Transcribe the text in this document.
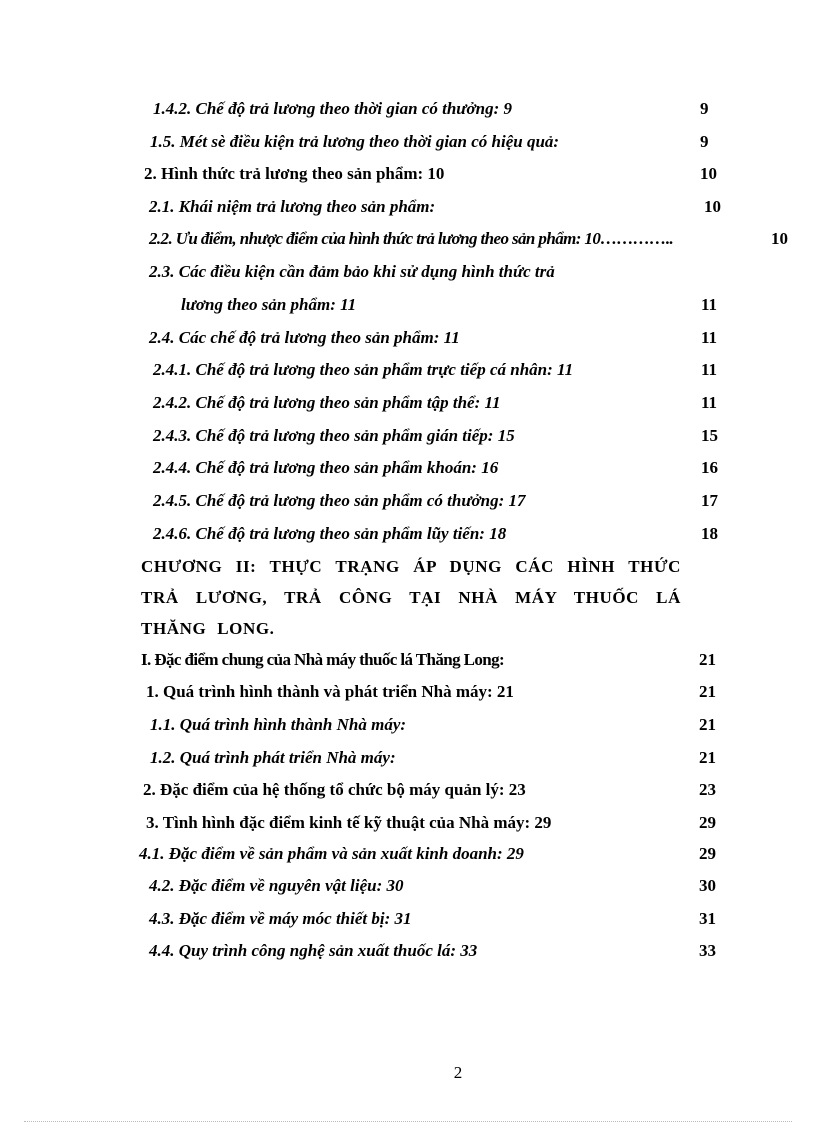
1.4.2. Chế độ trả lương theo thời gian có thưởng: 9	9
1.5. Mét sè điều kiện trả lương theo thời gian có hiệu quả:	9
2. Hình thức trả lương theo sản phẩm: 10	10
2.1. Khái niệm trả lương theo sản phẩm:	10
2.2. Ưu điểm, nhược điểm của hình thức trả lương theo sản phẩm: 10…………..	10
2.3. Các điều kiện cần đảm bảo khi sử dụng hình thức trả
lương theo sản phẩm: 11	11
2.4. Các chế độ trả lương theo sản phẩm: 11	11
2.4.1. Chế độ trả lương theo sản phẩm trực tiếp cá nhân: 11	11
2.4.2. Chế độ trả lương theo sản phẩm tập thể: 11	11
2.4.3. Chế độ trả lương theo sản phẩm gián tiếp: 15	15
2.4.4. Chế độ trả lương theo sản phẩm khoán: 16	16
2.4.5. Chế độ trả lương theo sản phẩm có thưởng: 17	17
2.4.6. Chế độ trả lương theo sản phẩm lũy tiến: 18	18
CHƯƠNG II: THỰC TRẠNG ÁP DỤNG CÁC HÌNH THỨC TRẢ LƯƠNG, TRẢ CÔNG TẠI NHÀ MÁY THUỐC LÁ THĂNG LONG.
I. Đặc điểm chung của Nhà máy thuốc lá Thăng Long:	21
1. Quá trình hình thành và phát triển Nhà máy: 21	21
1.1. Quá trình hình thành Nhà máy:	21
1.2. Quá trình phát triển Nhà máy:	21
2. Đặc điểm của hệ thống tổ chức bộ máy quản lý: 23	23
3. Tình hình đặc điểm kinh tế kỹ thuật của Nhà máy: 29	29
4.1. Đặc điểm về sản phẩm và sản xuất kinh doanh: 29	29
4.2. Đặc điểm về nguyên vật liệu: 30	30
4.3. Đặc điểm về máy móc thiết bị: 31	31
4.4. Quy trình công nghệ sản xuất thuốc lá: 33	33
2
